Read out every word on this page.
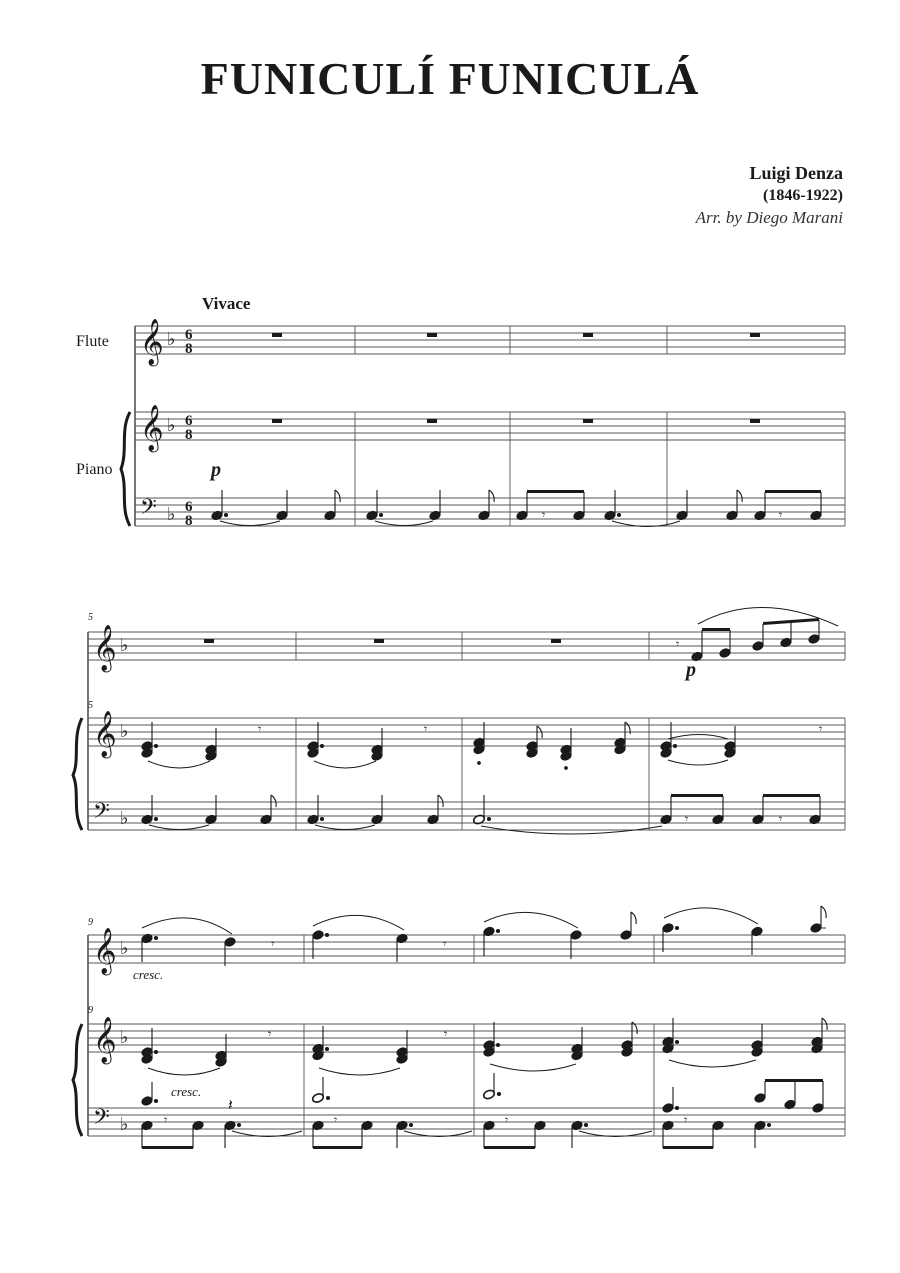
FUNICULÍ FUNICULÁ
Luigi Denza
(1846-1922)
Arr. by Diego Marani
Vivace
Flute
Piano
𝄞 ♭ 6
8
𝄞 ♭ 6
8
p
𝄢 ♭ 6
8	𝄾	𝄾
5
𝄞 ♭	𝄾
p
5
𝄞 ♭	𝄾	𝄾	𝄾
𝄢 ♭	𝄾	𝄾
9
𝄞 ♭	𝄾	𝄾
cresc.
9
𝄞 ♭	𝄾	𝄾
𝄢 ♭
cresc.
𝄽
𝄾	𝄾	𝄾	𝄾
